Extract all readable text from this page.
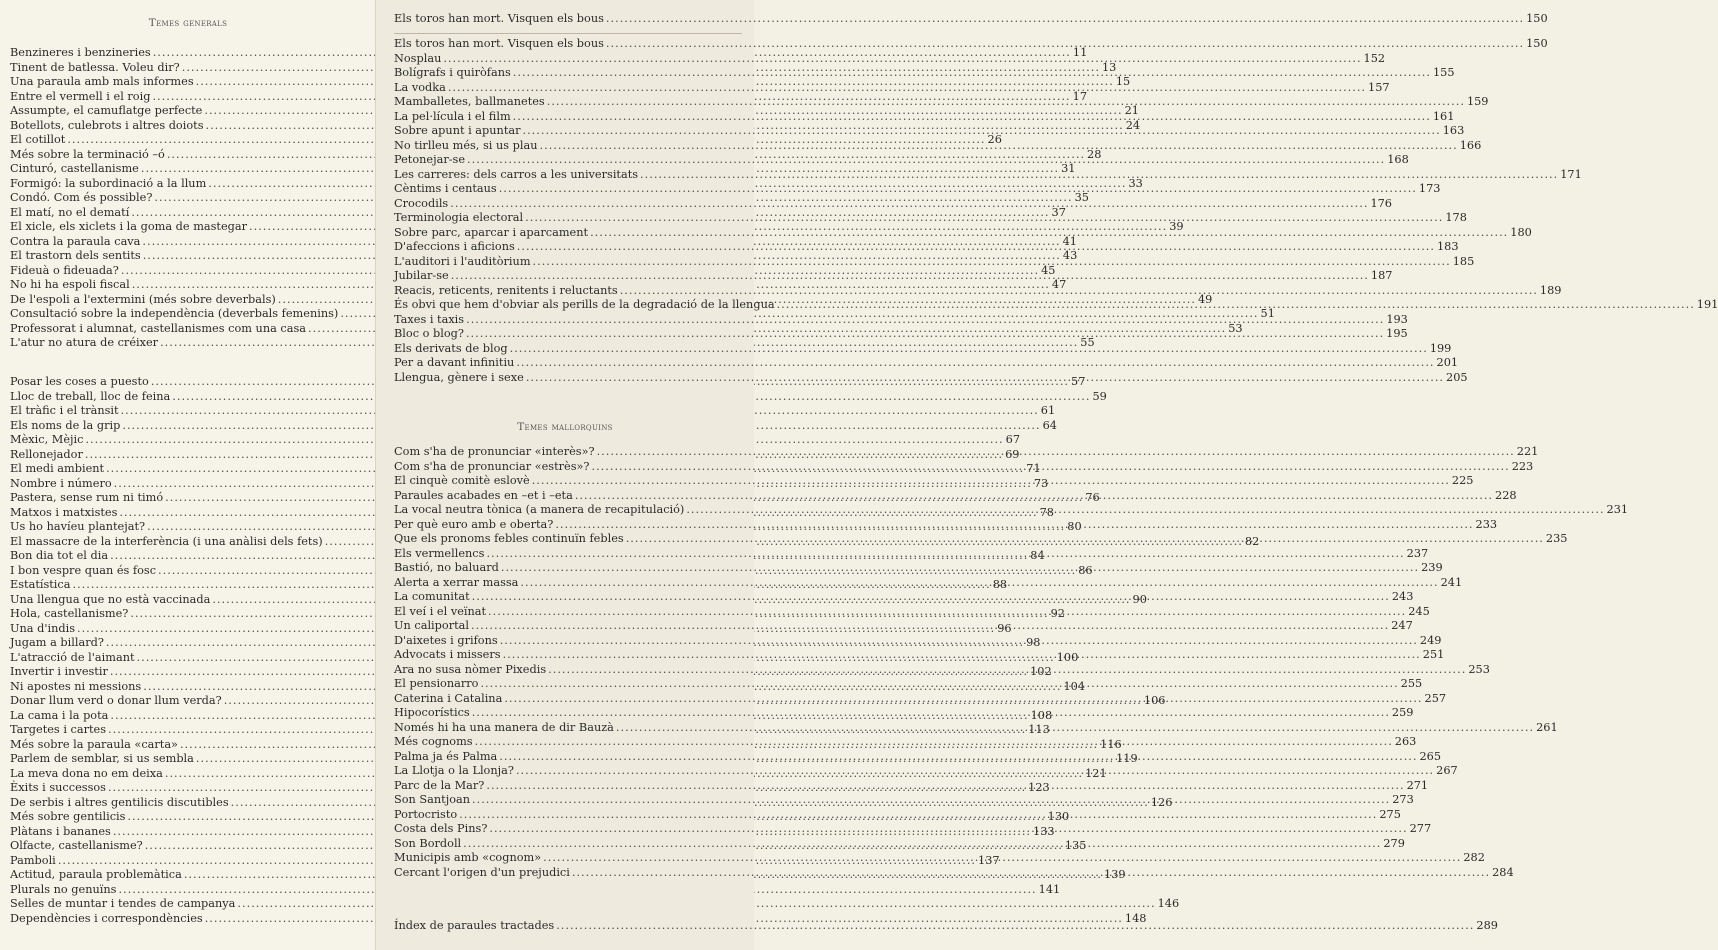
Temes generals
Benzineres i benzineries .....	11
Tinent de batlessa. Voleu dir? .....	13
Una paraula amb mals informes .....	15
Entre el vermell i el roig .....	17
Assumpte, el camuflatge perfecte .....	21
Botellots, culebrots i altres doiots .....	24
El cotillot .....	26
Més sobre la terminació –ó .....	28
Cinturó, castellanisme .....	31
Formigó: la subordinació a la llum .....	33
Condó. Com és possible? .....	35
El matí, no el dematí .....	37
El xicle, els xiclets i la goma de mastegar .....	39
Contra la paraula cava .....	41
El trastorn dels sentits .....	43
Fideuà o fideuada? .....	45
No hi ha espoli fiscal .....	47
De l'espoli a l'extermini (més sobre deverbals) .....	49
Consultació sobre la independència (deverbals femenins) .....	51
Professorat i alumnat, castellanismes com una casa .....	53
L'atur no atura de créixer .....	55
Posar les coses a puesto .....	57
Lloc de treball, lloc de feina .....	59
El tràfic i el trànsit .....	61
Els noms de la grip .....	64
Mèxic, Mèjic .....	67
Rellonejador .....	69
El medi ambient .....	71
Nombre i número .....	73
Pastera, sense rum ni timó .....	76
Matxos i matxistes .....	78
Us ho havíeu plantejat? .....	80
El massacre de la interferència (i una anàlisi dels fets) .....	82
Bon dia tot el dia .....	84
I bon vespre quan és fosc .....	86
Estatística .....	88
Una llengua que no està vaccinada .....	90
Hola, castellanisme? .....	92
Una d'indis .....	96
Jugam a billard? .....	98
L'atracció de l'aimant .....	100
Invertir i investir .....	102
Ni apostes ni messions .....	104
Donar llum verd o donar llum verda? .....	106
La cama i la pota .....	108
Targetes i cartes .....	113
Més sobre la paraula «carta» .....	116
Parlem de semblar, si us sembla .....	119
La meva dona no em deixa .....	121
Èxits i successos .....	123
De serbis i altres gentilicis discutibles .....	126
Més sobre gentilicis .....	130
Plàtans i bananes .....	133
Olfacte, castellanisme? .....	135
Pamboli .....	137
Actitud, paraula problemàtica .....	139
Plurals no genuïns .....	141
Selles de muntar i tendes de campanya .....	146
Dependències i correspondències .....	148
Els toros han mort. Visquen els bous .....	150
Els toros han mort. Visquen els bous .....	150
Nosplau .....	152
Bolígrafs i quiròfans .....	155
La vodka .....	157
Mamballetes, ballmanetes .....	159
La pel·lícula i el film .....	161
Sobre apunt i apuntar .....	163
No tirlleu més, si us plau .....	166
Petonejar-se .....	168
Les carreres: dels carros a les universitats .....	171
Cèntims i centaus .....	173
Crocodils .....	176
Terminologia electoral .....	178
Sobre parc, aparcar i aparcament .....	180
D'afeccions i aficions .....	183
L'auditori i l'auditòrium .....	185
Jubilar-se .....	187
Reacis, reticents, renitents i reluctants .....	189
És obvi que hem d'obviar als perills de la degradació de la llengua .....	191
Taxes i taxis .....	193
Bloc o blog? .....	195
Els derivats de blog .....	199
Per a davant infinitiu .....	201
Llengua, gènere i sexe .....	205
Temes mallorquins
Com s'ha de pronunciar «interès»? .....	221
Com s'ha de pronunciar «estrès»? .....	223
El cinquè comitè eslovè .....	225
Paraules acabades en –et i –eta .....	228
La vocal neutra tònica (a manera de recapitulació) .....	231
Per què euro amb e oberta? .....	233
Que els pronoms febles continuïn febles .....	235
Els vermellencs .....	237
Bastió, no baluard .....	239
Alerta a xerrar massa .....	241
La comunitat .....	243
El veí i el veïnat .....	245
Un caliportal .....	247
D'aixetes i grifons .....	249
Advocats i missers .....	251
Ara no susa nòmer Pixedis .....	253
El pensionarro .....	255
Caterina i Catalina .....	257
Hipocorístics .....	259
Només hi ha una manera de dir Bauzà .....	261
Més cognoms .....	263
Palma ja és Palma .....	265
La Llotja o la Llonja? .....	267
Parc de la Mar? .....	271
Son Santjoan .....	273
Portocristo .....	275
Costa dels Pins? .....	277
Son Bordoll .....	279
Municipis amb «cognom» .....	282
Cercant l'origen d'un prejudici .....	284
Índex de paraules tractades .....	289
